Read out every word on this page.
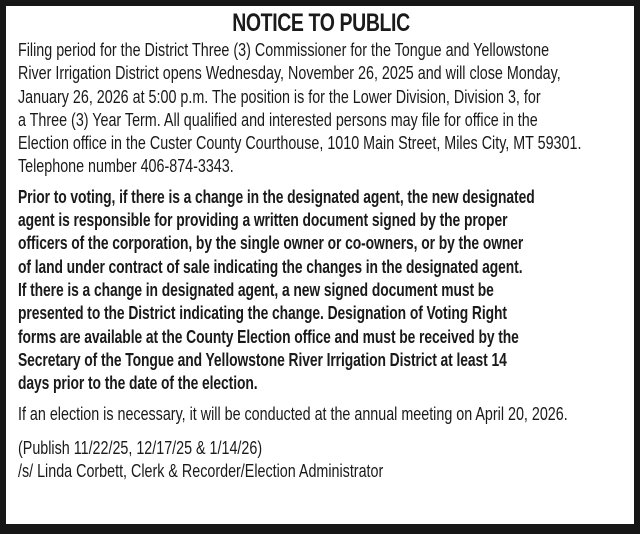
NOTICE TO PUBLIC

Filing period for the District Three (3) Commissioner for the Tongue and Yellowstone
River Irrigation District opens Wednesday, November 26, 2025 and will close Monday,
January 26, 2026 at 5:00 p.m. The position is for the Lower Division, Division 3, for
a Three (3) Year Term. All qualified and interested persons may file for office in the
Election office in the Custer County Courthouse, 1010 Main Street, Miles City, MT 59301.
Telephone number 406-874-3343.

Prior to voting, if there is a change in the designated agent, the new designated
agent is responsible for providing a written document signed by the proper
officers of the corporation, by the single owner or co-owners, or by the owner
of land under contract of sale indicating the changes in the designated agent.
If there is a change in designated agent, a new signed document must be
presented to the District indicating the change. Designation of Voting Right
forms are available at the County Election office and must be received by the
Secretary of the Tongue and Yellowstone River Irrigation District at least 14
days prior to the date of the election.

If an election is necessary, it will be conducted at the annual meeting on April 20, 2026.

(Publish 11/22/25, 12/17/25 & 1/14/26)
/s/ Linda Corbett, Clerk & Recorder/Election Administrator
